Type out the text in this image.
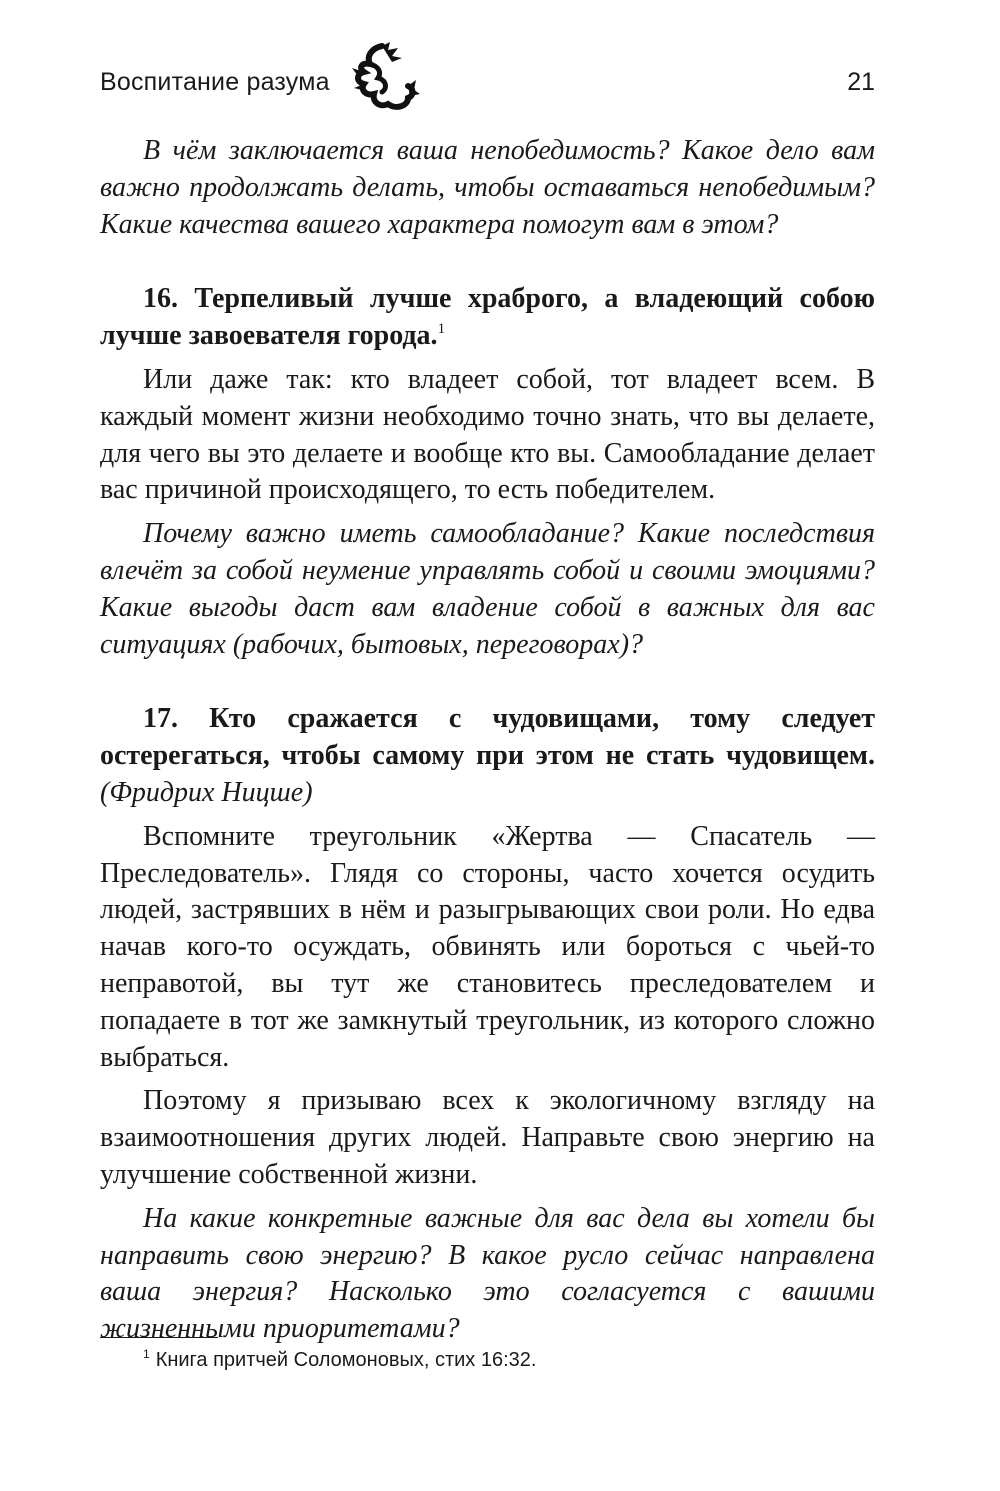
Воспитание разума	21

В чём заключается ваша непобедимость? Какое дело вам важно продолжать делать, чтобы оставаться непобедимым? Какие качества вашего характера помогут вам в этом?

16. Терпеливый лучше храброго, а владеющий собою лучше завоевателя города.$^1$

Или даже так: кто владеет собой, тот владеет всем. В каждый момент жизни необходимо точно знать, что вы делаете, для чего вы это делаете и вообще кто вы. Самообладание делает вас причиной происходящего, то есть победителем.

Почему важно иметь самообладание? Какие последствия влечёт за собой неумение управлять собой и своими эмоциями? Какие выгоды даст вам владение собой в важных для вас ситуациях (рабочих, бытовых, переговорах)?

17. Кто сражается с чудовищами, тому следует остерегаться, чтобы самому при этом не стать чудовищем. (Фридрих Ницше)

Вспомните треугольник «Жертва — Спасатель — Преследователь». Глядя со стороны, часто хочется осудить людей, застрявших в нём и разыгрывающих свои роли. Но едва начав кого-то осуждать, обвинять или бороться с чьей-то неправотой, вы тут же становитесь преследователем и попадаете в тот же замкнутый треугольник, из которого сложно выбраться.

Поэтому я призываю всех к экологичному взгляду на взаимоотношения других людей. Направьте свою энергию на улучшение собственной жизни.

На какие конкретные важные для вас дела вы хотели бы направить свою энергию? В какое русло сейчас направлена ваша энергия? Насколько это согласуется с вашими жизненными приоритетами?

$^1$ Книга притчей Соломоновых, стих 16:32.
